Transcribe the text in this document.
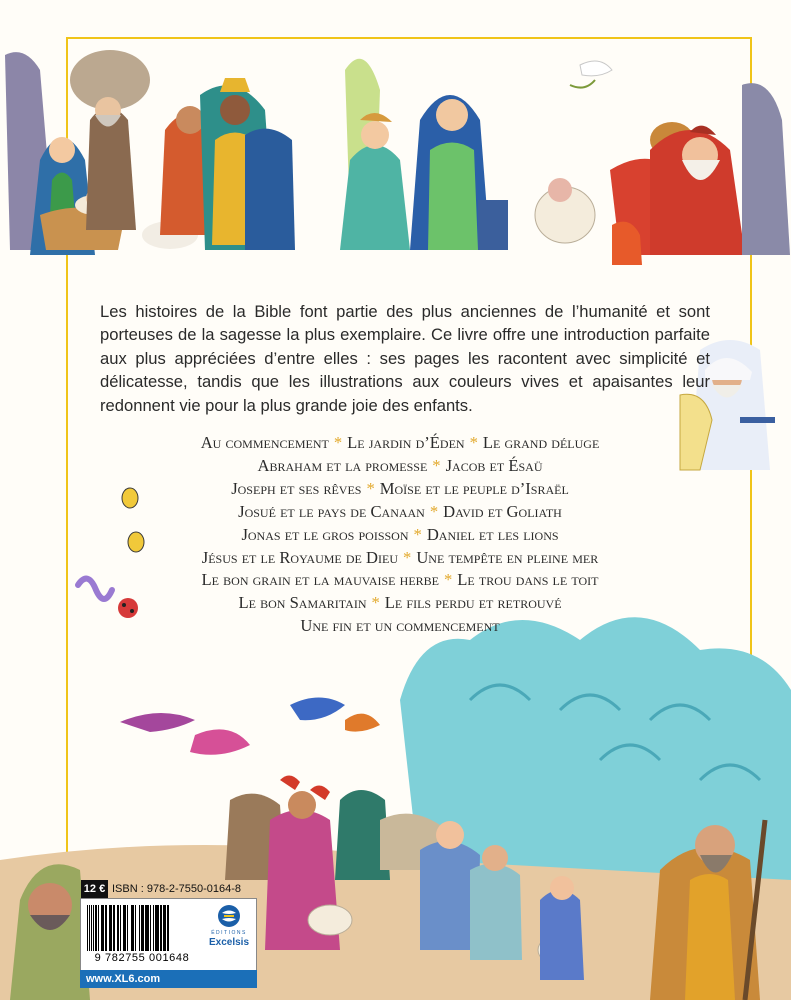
Les histoires de la Bible font partie des plus anciennes de l’humanité et sont porteuses de la sagesse la plus exemplaire. Ce livre offre une introduction parfaite aux plus appréciées d’entre elles : ses pages les racontent avec simplicité et délicatesse, tandis que les illustrations aux couleurs vives et apaisantes leur redonnent vie pour la plus grande joie des enfants.

Au commencement * Le jardin d’Éden * Le grand déluge
Abraham et la promesse * Jacob et Ésaü
Joseph et ses rêves * Moïse et le peuple d’Israël
Josué et le pays de Canaan * David et Goliath
Jonas et le gros poisson * Daniel et les lions
Jésus et le Royaume de Dieu * Une tempête en pleine mer
Le bon grain et la mauvaise herbe * Le trou dans le toit
Le bon Samaritain * Le fils perdu et retrouvé
Une fin et un commencement
12 € ISBN : 978-2-7550-0164-8
9 782755 001648
ÉDITIONS
Excelsis
www.XL6.com
